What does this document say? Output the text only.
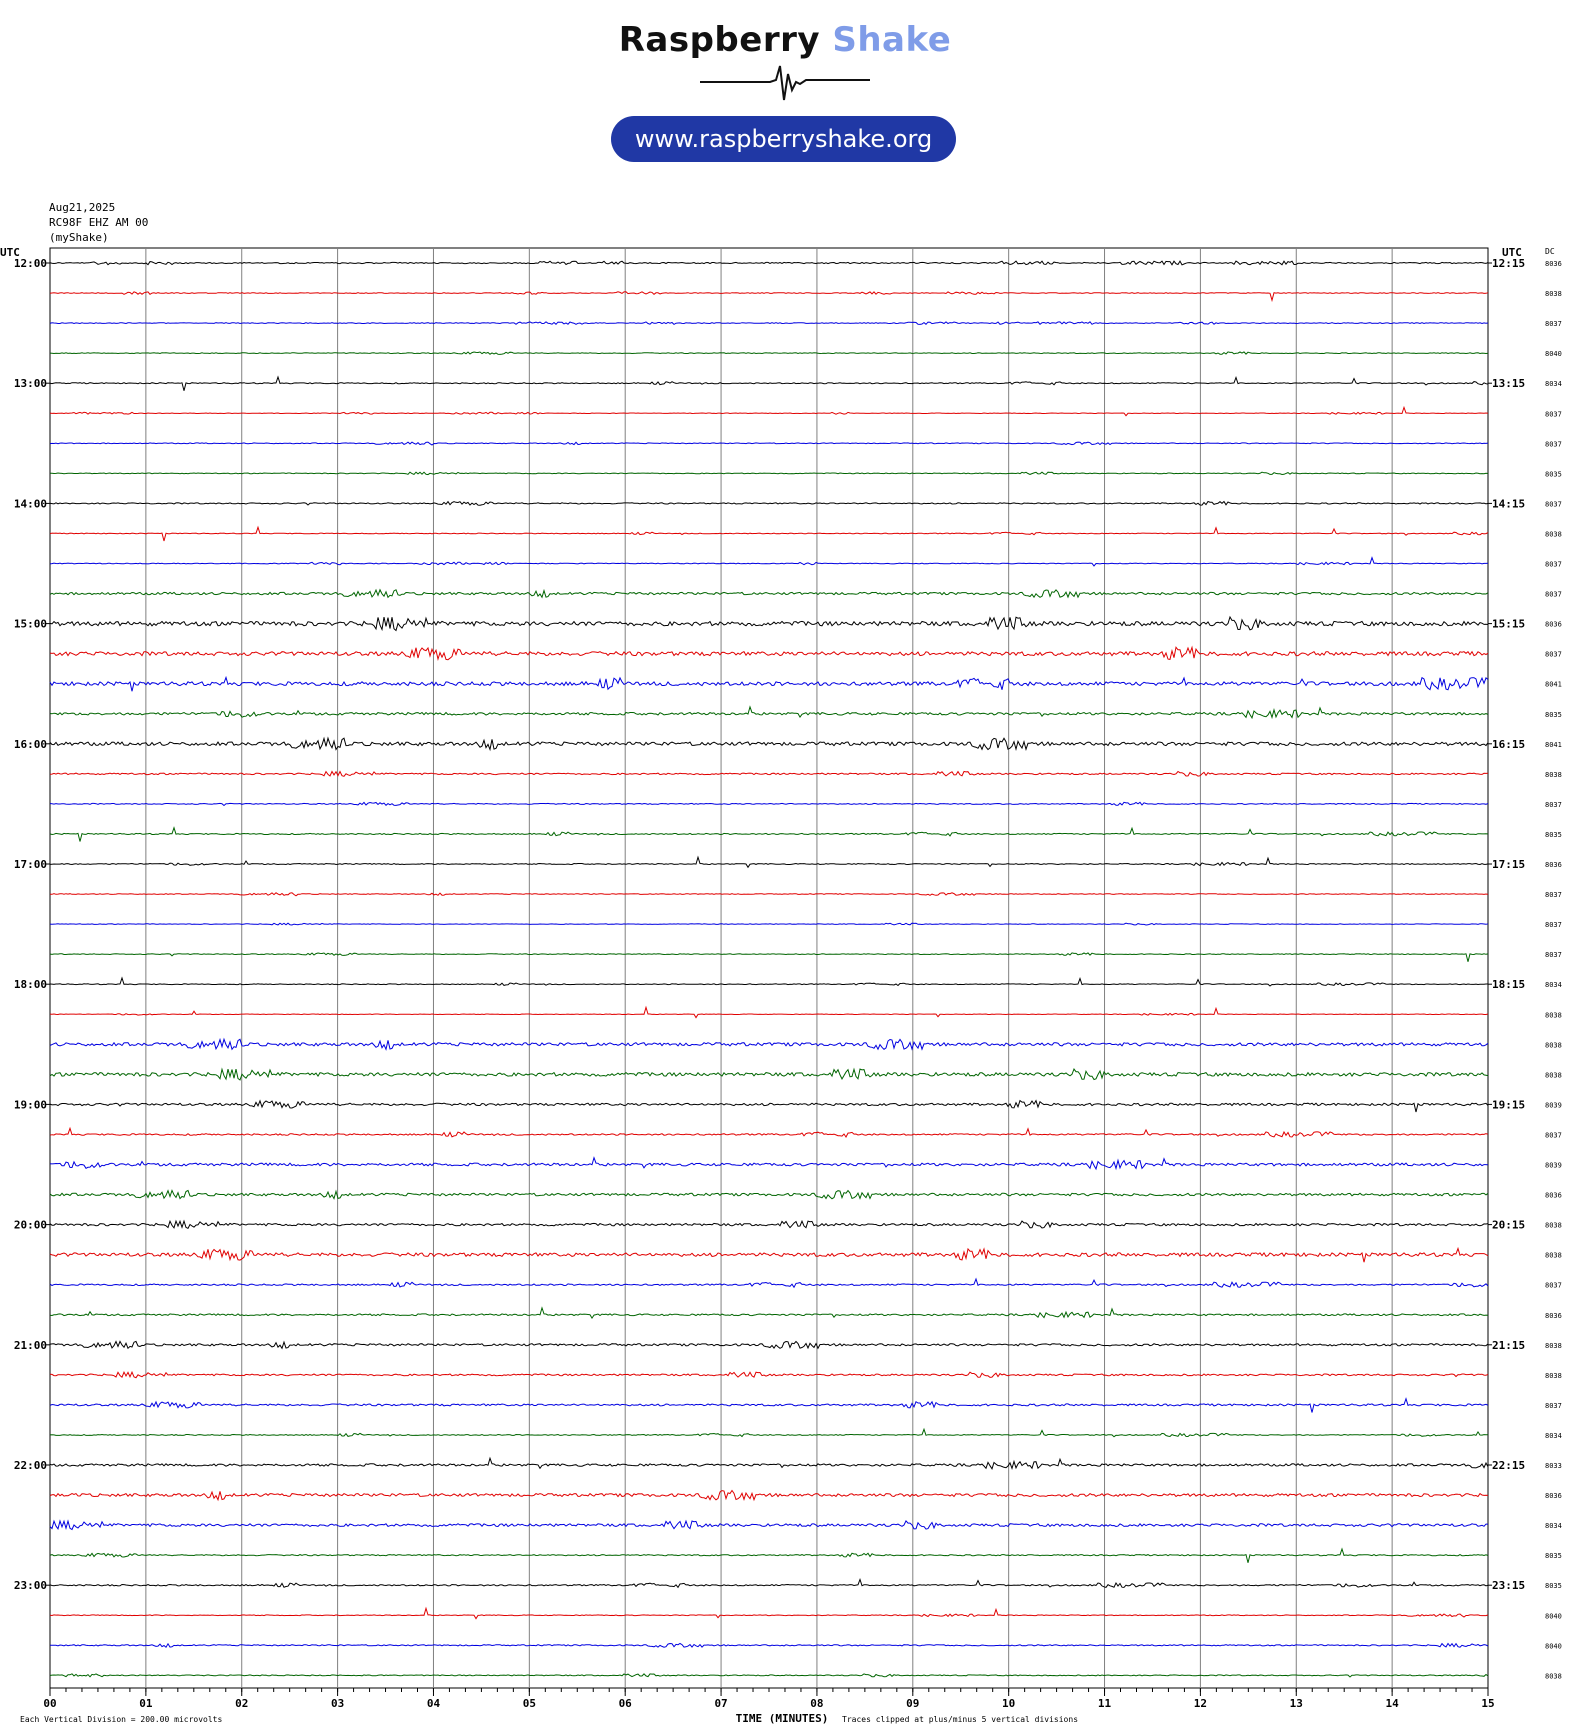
Raspberry Shake
www.raspberryshake.org
Aug21,2025
RC98F EHZ AM 00
(myShake)
00	01	02	03	04	05	06	07	08	09	10	11	12	13	14	15
8036
12:00	12:15
8038
8037
8040
8034
13:00	13:15
8037
8037
8035
8037
14:00	14:15
8038
8037
8037
8036
15:00	15:15
8037
8041
8035
8041
16:00	16:15
8038
8037
8035
8036
17:00	17:15
8037
8037
8037
8034
18:00	18:15
8038
8038
8038
8039
19:00	19:15
8037
8039
8036
8038
20:00	20:15
8038
8037
8036
8038
21:00	21:15
8038
8037
8034
8033
22:00	22:15
8036
8034
8035
8035
23:00	23:15
8040
8040
8038
UTC	UTC	DC
TIME (MINUTES)
Each Vertical Division = 200.00 microvolts	Traces clipped at plus/minus 5 vertical divisions
